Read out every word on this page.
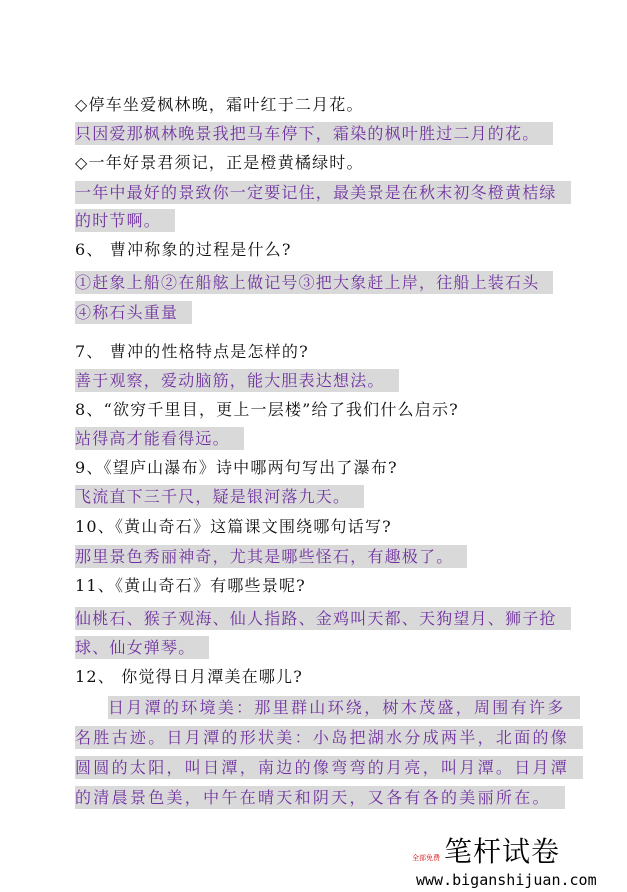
◇停车坐爱枫林晚，霜叶红于二月花。
只因爱那枫林晚景我把马车停下，霜染的枫叶胜过二月的花。
◇一年好景君须记，正是橙黄橘绿时。
一年中最好的景致你一定要记住，最美景是在秋末初冬橙黄桔绿
的时节啊。
6、 曹冲称象的过程是什么?
①赶象上船②在船舷上做记号③把大象赶上岸，往船上装石头
④称石头重量
7、 曹冲的性格特点是怎样的?
善于观察，爱动脑筋，能大胆表达想法。
8、“欲穷千里目，更上一层楼”给了我们什么启示?
站得高才能看得远。
9、《望庐山瀑布》诗中哪两句写出了瀑布?
飞流直下三千尺，疑是银河落九天。
10、《黄山奇石》这篇课文围绕哪句话写?
那里景色秀丽神奇，尤其是哪些怪石，有趣极了。
11、《黄山奇石》有哪些景呢?
仙桃石、猴子观海、仙人指路、金鸡叫天都、天狗望月、狮子抢
球、仙女弹琴。
12、 你觉得日月潭美在哪儿?
日月潭的环境美：那里群山环绕，树木茂盛，周围有许多
名胜古迹。日月潭的形状美：小岛把湖水分成两半，北面的像
圆圆的太阳，叫日潭，南边的像弯弯的月亮，叫月潭。日月潭
的清晨景色美，中午在晴天和阴天，又各有各的美丽所在。
全部免费 笔杆试卷
www.biganshijuan.com
